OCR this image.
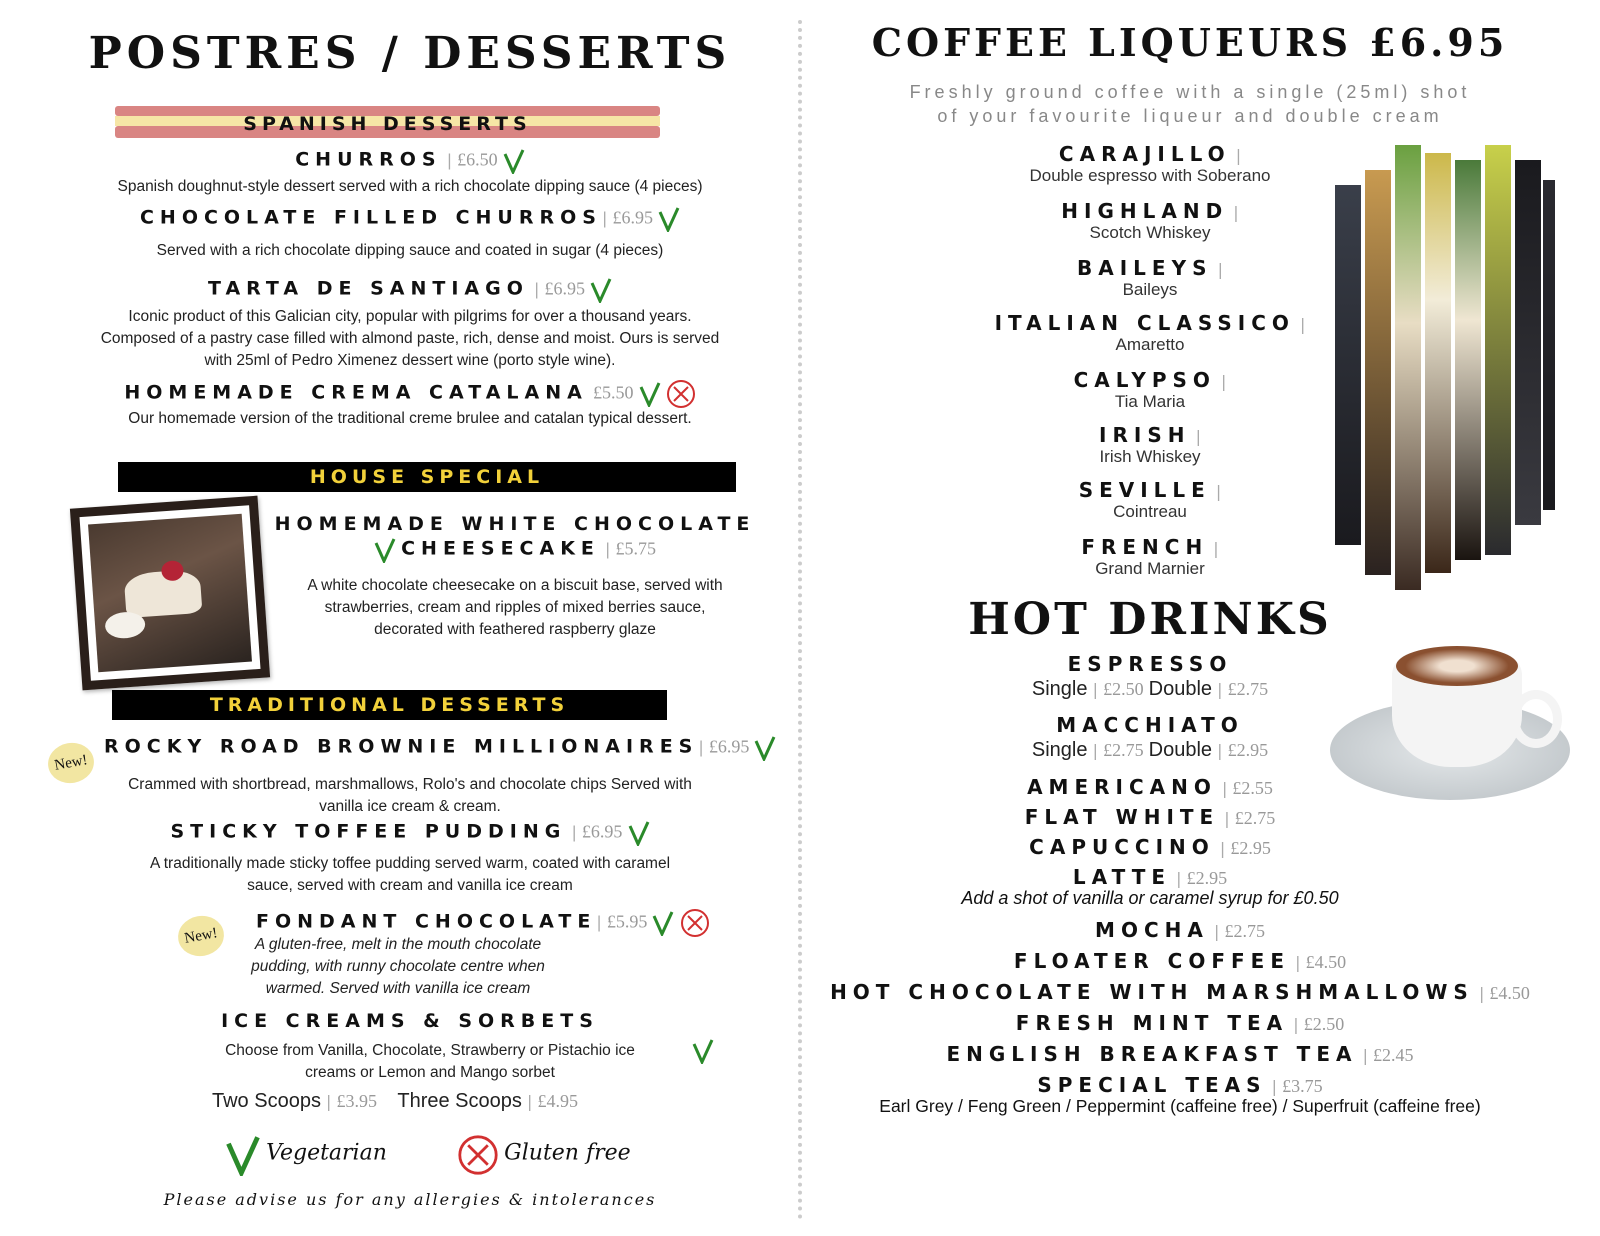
POSTRES / DESSERTS
SPANISH DESSERTS
CHURROS | £6.50
Spanish doughnut-style dessert served with a rich chocolate dipping sauce (4 pieces)
CHOCOLATE FILLED CHURROS| £6.95
Served with a rich chocolate dipping sauce and coated in sugar (4 pieces)
TARTA DE SANTIAGO | £6.95
Iconic product of this Galician city, popular with pilgrims for over a thousand years.
Composed of a pastry case filled with almond paste, rich, dense and moist. Ours is served
with 25ml of Pedro Ximenez dessert wine (porto style wine).
HOMEMADE CREMA CATALANA £5.50
Our homemade version of the traditional creme brulee and catalan typical dessert.
HOUSE SPECIAL
HOMEMADE WHITE CHOCOLATE
CHEESECAKE | £5.75
A white chocolate cheesecake on a biscuit base, served with
strawberries, cream and ripples of mixed berries sauce,
decorated with feathered raspberry glaze
TRADITIONAL DESSERTS
New!
ROCKY ROAD BROWNIE MILLIONAIRES| £6.95
Crammed with shortbread, marshmallows, Rolo's and chocolate chips Served with
vanilla ice cream & cream.
STICKY TOFFEE PUDDING | £6.95
A traditionally made sticky toffee pudding served warm, coated with caramel
sauce, served with cream and vanilla ice cream
New!
FONDANT CHOCOLATE| £5.95
A gluten-free, melt in the mouth chocolate
pudding, with runny chocolate centre when
warmed. Served with vanilla ice cream
ICE CREAMS & SORBETS
Choose from Vanilla, Chocolate, Strawberry or Pistachio ice
creams or Lemon and Mango sorbet
Two Scoops | £3.95 Three Scoops | £4.95
Vegetarian	Gluten free
Please advise us for any allergies & intolerances
COFFEE LIQUEURS £6.95
Freshly ground coffee with a single (25ml) shot
of your favourite liqueur and double cream
CARAJILLO |
Double espresso with Soberano
HIGHLAND |
Scotch Whiskey
BAILEYS |
Baileys
ITALIAN CLASSICO |
Amaretto
CALYPSO |
Tia Maria
IRISH |
Irish Whiskey
SEVILLE |
Cointreau
FRENCH |
Grand Marnier
HOT DRINKS
ESPRESSO
Single | £2.50 Double | £2.75
MACCHIATO
Single | £2.75 Double | £2.95
AMERICANO | £2.55
FLAT WHITE | £2.75
CAPUCCINO | £2.95
LATTE | £2.95
Add a shot of vanilla or caramel syrup for £0.50
MOCHA | £2.75
FLOATER COFFEE | £4.50
HOT CHOCOLATE WITH MARSHMALLOWS | £4.50
FRESH MINT TEA | £2.50
ENGLISH BREAKFAST TEA | £2.45
SPECIAL TEAS | £3.75
Earl Grey / Feng Green / Peppermint (caffeine free) / Superfruit (caffeine free)
